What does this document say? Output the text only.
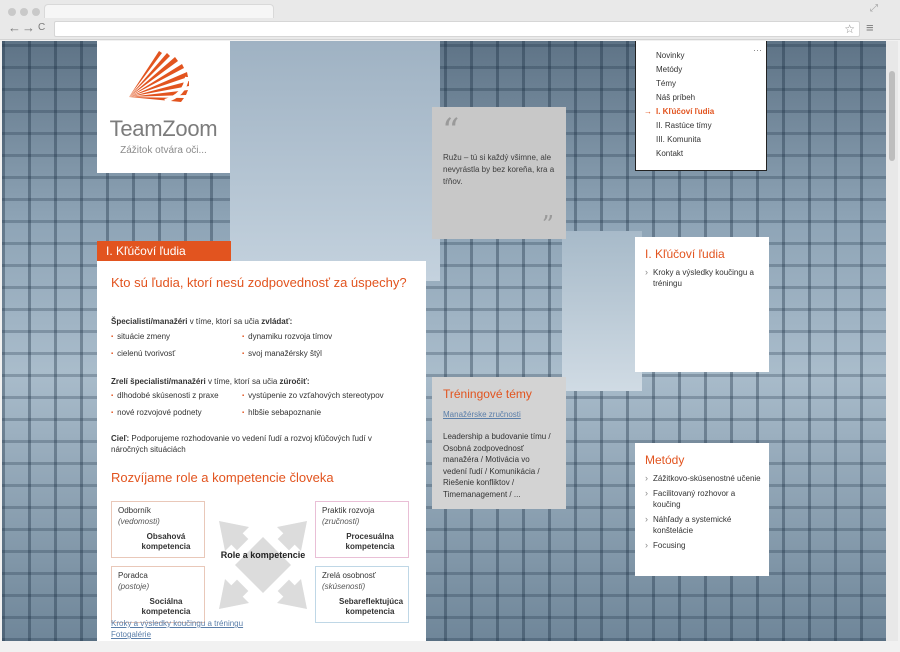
⤢
← → C	☆ ≡
TeamZoom
Zážitok otvára oči...
I. Kľúčoví ľudia
Kto sú ľudia, ktorí nesú zodpovednosť za úspechy?
Špecialisti/manažéri v tíme, ktorí sa učia zvládať:
▪ situácie zmeny
▪ cielenú tvorivosť
▪ dynamiku rozvoja tímov
▪ svoj manažérsky štýl
Zrelí špecialisti/manažéri v tíme, ktorí sa učia zúročiť:
▪ dlhodobé skúsenosti z praxe
▪ nové rozvojové podnety
▪ vystúpenie zo vzťahových stereotypov
▪ hlbšie sebapoznanie
Cieľ: Podporujeme rozhodovanie vo vedení ľudí a rozvoj kľúčových ľudí v náročných situáciách
Rozvíjame role a kompetencie človeka
Odborník
(vedomosti)
Obsahová kompetencia
Praktik rozvoja
(zručnosti)
Procesuálna kompetencia
Poradca
(postoje)
Sociálna kompetencia
Zrelá osobnosť
(skúsenosti)
Sebareflektujúca kompetencia
Role a kompetencie
Kroky a výsledky koučingu a tréningu
Fotogalérie
“
Ružu – tú si každý všimne, ale nevyrástla by bez koreňa, kra a tŕňov.
”
⋯
Novinky
Metódy
Témy
Náš príbeh
→ I. Kľúčoví ľudia
II. Rastúce tímy
III. Komunita
Kontakt
I. Kľúčoví ľudia
› Kroky a výsledky koučingu a tréningu
Tréningové témy
Manažérske zručnosti
Leadership a budovanie tímu / Osobná zodpovednosť manažéra / Motivácia vo vedení ľudí / Komunikácia / Riešenie konfliktov / Timemanagement / ...
Metódy
› Zážitkovo-skúsenostné učenie
› Facilitovaný rozhovor a koučing
› Náhľady a systemické konštelácie
› Focusing
